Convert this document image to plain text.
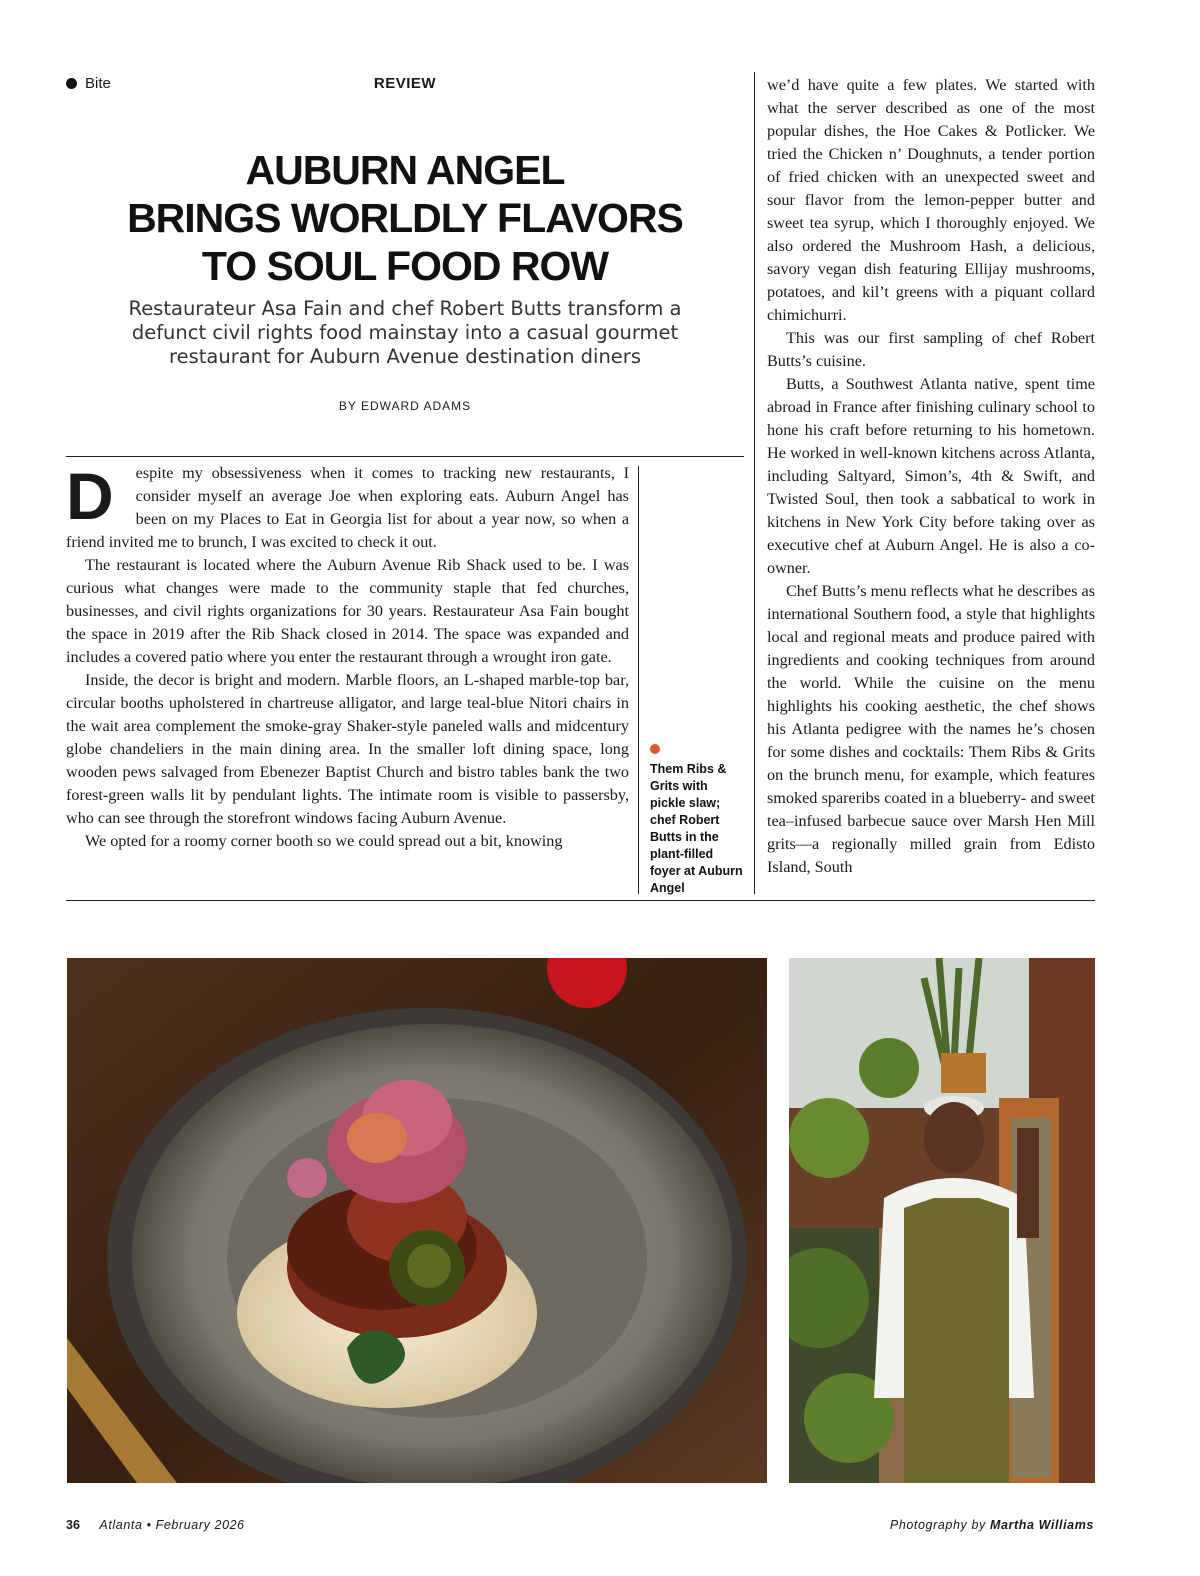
Bite	REVIEW
AUBURN ANGEL
BRINGS WORLDLY FLAVORS
TO SOUL FOOD ROW

Restaurateur Asa Fain and chef Robert Butts transform a defunct civil rights food mainstay into a casual gourmet restaurant for Auburn Avenue destination diners

BY EDWARD ADAMS

D	espite my obsessiveness when it comes to tracking new restaurants, I consider myself an average Joe when exploring eats. Auburn Angel has been on my Places to Eat in Georgia list for about a year now, so when a friend invited me to brunch, I was excited to check it out.

The restaurant is located where the Auburn Avenue Rib Shack used to be. I was curious what changes were made to the community staple that fed churches, businesses, and civil rights organizations for 30 years. Restaurateur Asa Fain bought the space in 2019 after the Rib Shack closed in 2014. The space was expanded and includes a covered patio where you enter the restaurant through a wrought iron gate.

Inside, the decor is bright and modern. Marble floors, an L-shaped marble-top bar, circular booths upholstered in chartreuse alligator, and large teal-blue Nitori chairs in the wait area complement the smoke-gray Shaker-style paneled walls and midcentury globe chandeliers in the main dining area. In the smaller loft dining space, long wooden pews salvaged from Ebenezer Baptist Church and bistro tables bank the two forest-green walls lit by pendulant lights. The intimate room is visible to passersby, who can see through the storefront windows facing Auburn Avenue.

We opted for a roomy corner booth so we could spread out a bit, knowing

Them Ribs & Grits with pickle slaw; chef Robert Butts in the plant-filled foyer at Auburn Angel

we’d have quite a few plates. We started with what the server described as one of the most popular dishes, the Hoe Cakes & Potlicker. We tried the Chicken n’ Doughnuts, a tender portion of fried chicken with an unexpected sweet and sour flavor from the lemon-pepper butter and sweet tea syrup, which I thoroughly enjoyed. We also ordered the Mushroom Hash, a delicious, savory vegan dish featuring Ellijay mushrooms, potatoes, and kil’t greens with a piquant collard chimichurri.

This was our first sampling of chef Robert Butts’s cuisine.

Butts, a Southwest Atlanta native, spent time abroad in France after finishing culinary school to hone his craft before returning to his hometown. He worked in well-known kitchens across Atlanta, including Saltyard, Simon’s, 4th & Swift, and Twisted Soul, then took a sabbatical to work in kitchens in New York City before taking over as executive chef at Auburn Angel. He is also a co-owner.

Chef Butts’s menu reflects what he describes as international Southern food, a style that highlights local and regional meats and produce paired with ingredients and cooking techniques from around the world. While the cuisine on the menu highlights his cooking aesthetic, the chef shows his Atlanta pedigree with the names he’s chosen for some dishes and cocktails: Them Ribs & Grits on the brunch menu, for example, which features smoked spareribs coated in a blueberry- and sweet tea–infused barbecue sauce over Marsh Hen Mill grits—a regionally milled grain from Edisto Island, South

36 Atlanta • February 2026	Photography by Martha Williams
